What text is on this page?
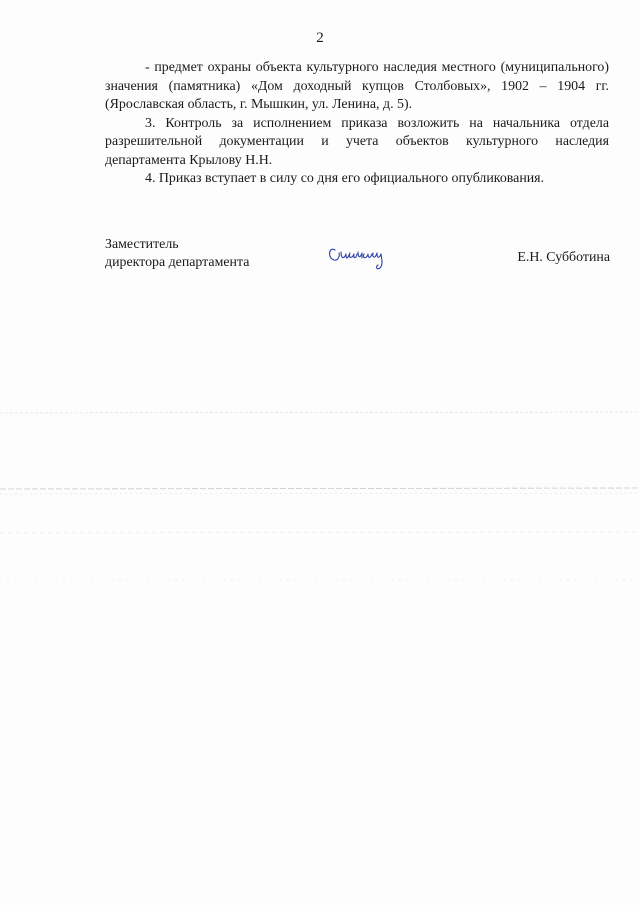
2

- предмет охраны объекта культурного наследия местного (муниципального) значения (памятника) «Дом доходный купцов Столбовых», 1902 – 1904 гг. (Ярославская область, г. Мышкин, ул. Ленина, д. 5).

3. Контроль за исполнением приказа возложить на начальника отдела разрешительной документации и учета объектов культурного наследия департамента Крылову Н.Н.

4. Приказ вступает в силу со дня его официального опубликования.

Заместитель
директора департамента	Е.Н. Субботина
